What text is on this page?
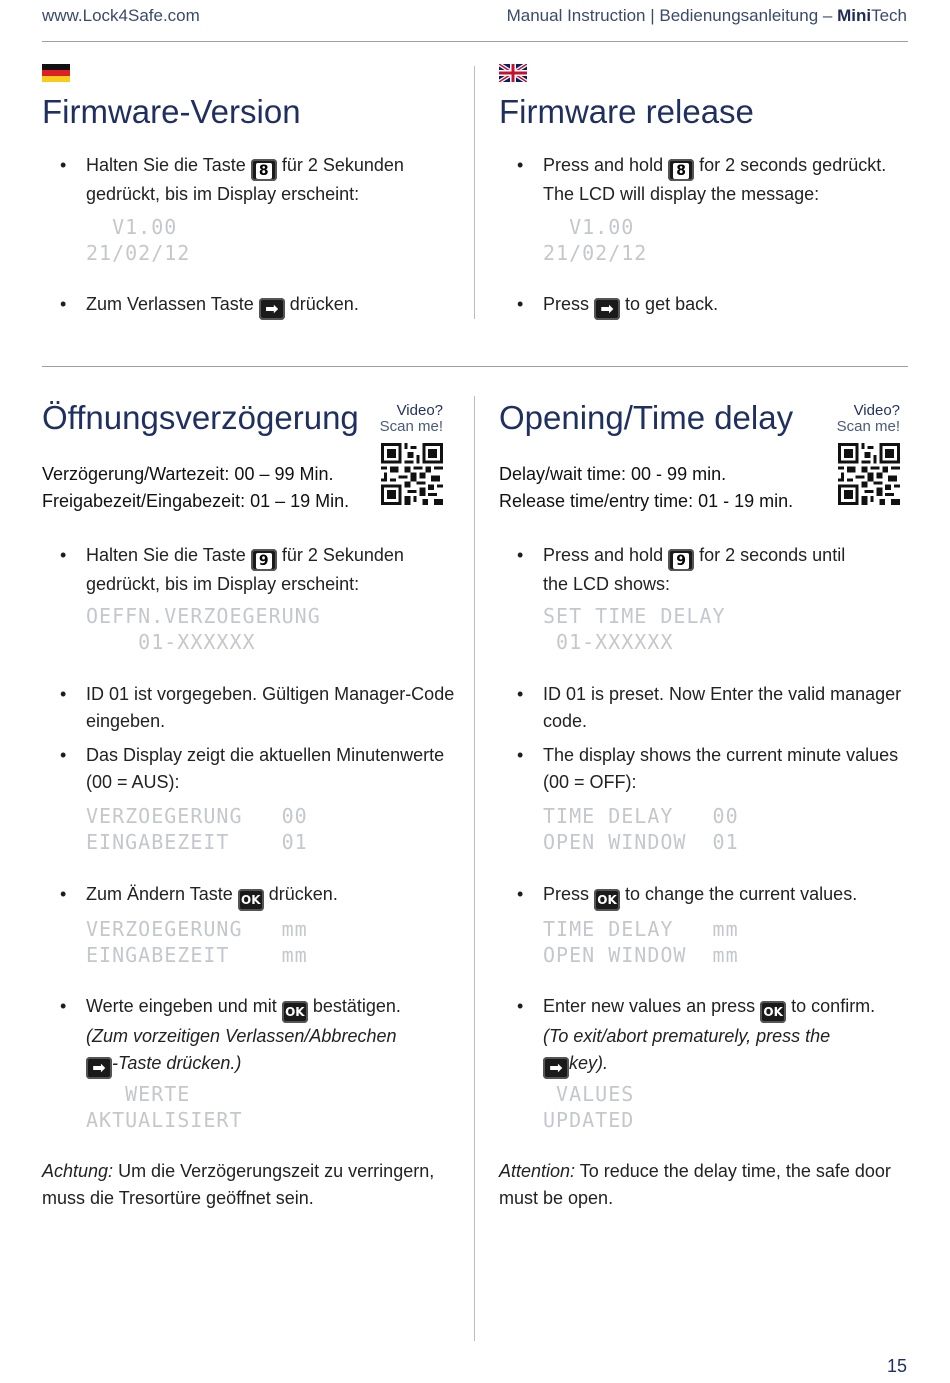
www.Lock4Safe.com	Manual Instruction | Bedienungsanleitung – MiniTech
Firmware-Version
• Halten Sie die Taste 8 für 2 Sekunden
gedrückt, bis im Display erscheint:
V1.00
21/02/12
• Zum Verlassen Taste ➡ drücken.
Firmware release
• Press and hold 8 for 2 seconds gedrückt.
The LCD will display the message:
V1.00
21/02/12
• Press ➡ to get back.
Öffnungsverzögerung	Video?
Scan me!
Verzögerung/Wartezeit: 00 – 99 Min.
Freigabezeit/Eingabezeit: 01 – 19 Min.
• Halten Sie die Taste 9 für 2 Sekunden
gedrückt, bis im Display erscheint:
OEFFN.VERZOEGERUNG
01-XXXXXX
• ID 01 ist vorgegeben. Gültigen Manager-Code
eingeben.
• Das Display zeigt die aktuellen Minutenwerte
(00 = AUS):
VERZOEGERUNG   00
EINGABEZEIT    01
• Zum Ändern Taste OK drücken.
VERZOEGERUNG   mm
EINGABEZEIT    mm
• Werte eingeben und mit OK bestätigen.
(Zum vorzeitigen Verlassen/Abbrechen
➡ -Taste drücken.)
WERTE
AKTUALISIERT
Achtung: Um die Verzögerungszeit zu verringern,
muss die Tresortüre geöffnet sein.
Opening/Time delay	Video?
Scan me!
Delay/wait time: 00 - 99 min.
Release time/entry time: 01 - 19 min.
• Press and hold 9 for 2 seconds until
the LCD shows:
SET TIME DELAY
01-XXXXXX
• ID 01 is preset. Now Enter the valid manager
code.
• The display shows the current minute values
(00 = OFF):
TIME DELAY   00
OPEN WINDOW  01
• Press OK to change the current values.
TIME DELAY   mm
OPEN WINDOW  mm
• Enter new values an press OK to confirm.
(To exit/abort prematurely, press the
➡ key).
VALUES
UPDATED
Attention: To reduce the delay time, the safe door
must be open.
15
